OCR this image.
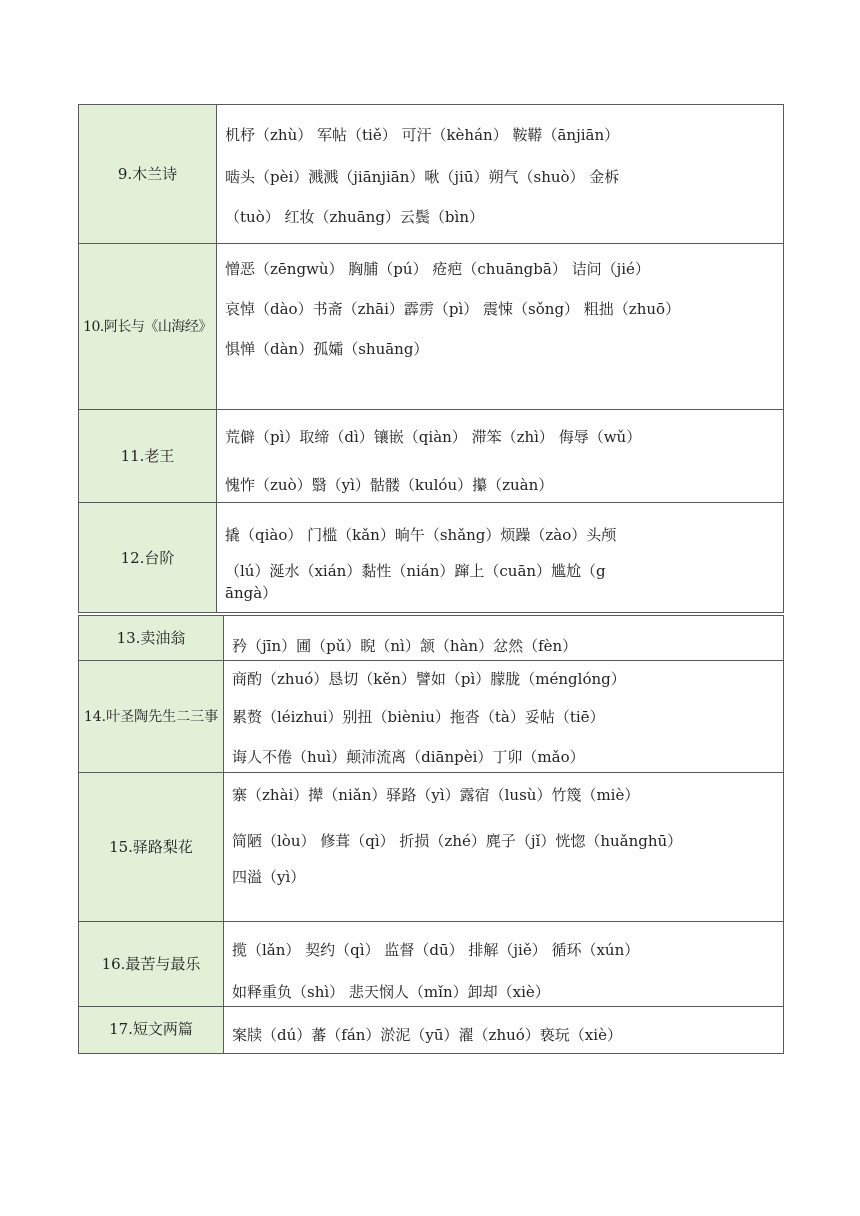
9.木兰诗	机杼（zhù） 军帖（tiě） 可汗（kèhán） 鞍鞯（ānjiān）
啮头（pèi）溅溅（jiānjiān）啾（jiū）朔气（shuò） 金柝
（tuò） 红妆（zhuāng）云鬓（bìn）

10.阿长与《山海经》	憎恶（zēngwù） 胸脯（pú） 疮疤（chuāngbā） 诘问（jié）
哀悼（dào）书斋（zhāi）霹雳（pì） 震悚（sǒng） 粗拙（zhuō）
惧惮（dàn）孤孀（shuāng）

11.老王	荒僻（pì）取缔（dì）镶嵌（qiàn） 滞笨（zhì） 侮辱（wǔ）
愧怍（zuò）翳（yì）骷髅（kulóu）攥（zuàn）

12.台阶	撬（qiào） 门槛（kǎn）晌午（shǎng）烦躁（zào）头颅
（lú）涎水（xián）黏性（nián）蹿上（cuān）尴尬（g
āngà）
13.卖油翁	矜（jīn）圃（pǔ）睨（nì）颔（hàn）忿然（fèn）

14.叶圣陶先生二三事	商酌（zhuó）恳切（kěn）譬如（pì）朦胧（ménglóng）
累赘（léizhui）别扭（bièniu）拖沓（tà）妥帖（tiē）
诲人不倦（huì）颠沛流离（diānpèi）丁卯（mǎo）

15.驿路梨花	寨（zhài）撵（niǎn）驿路（yì）露宿（lusù）竹篾（miè）
简陋（lòu） 修葺（qì） 折损（zhé）麂子（jǐ）恍惚（huǎnghū）
四溢（yì）

16.最苦与最乐	揽（lǎn） 契约（qì） 监督（dū） 排解（jiě） 循环（xún）
如释重负（shì） 悲天悯人（mǐn）卸却（xiè）

17.短文两篇	案牍（dú）蕃（fán）淤泥（yū）濯（zhuó）亵玩（xiè）
